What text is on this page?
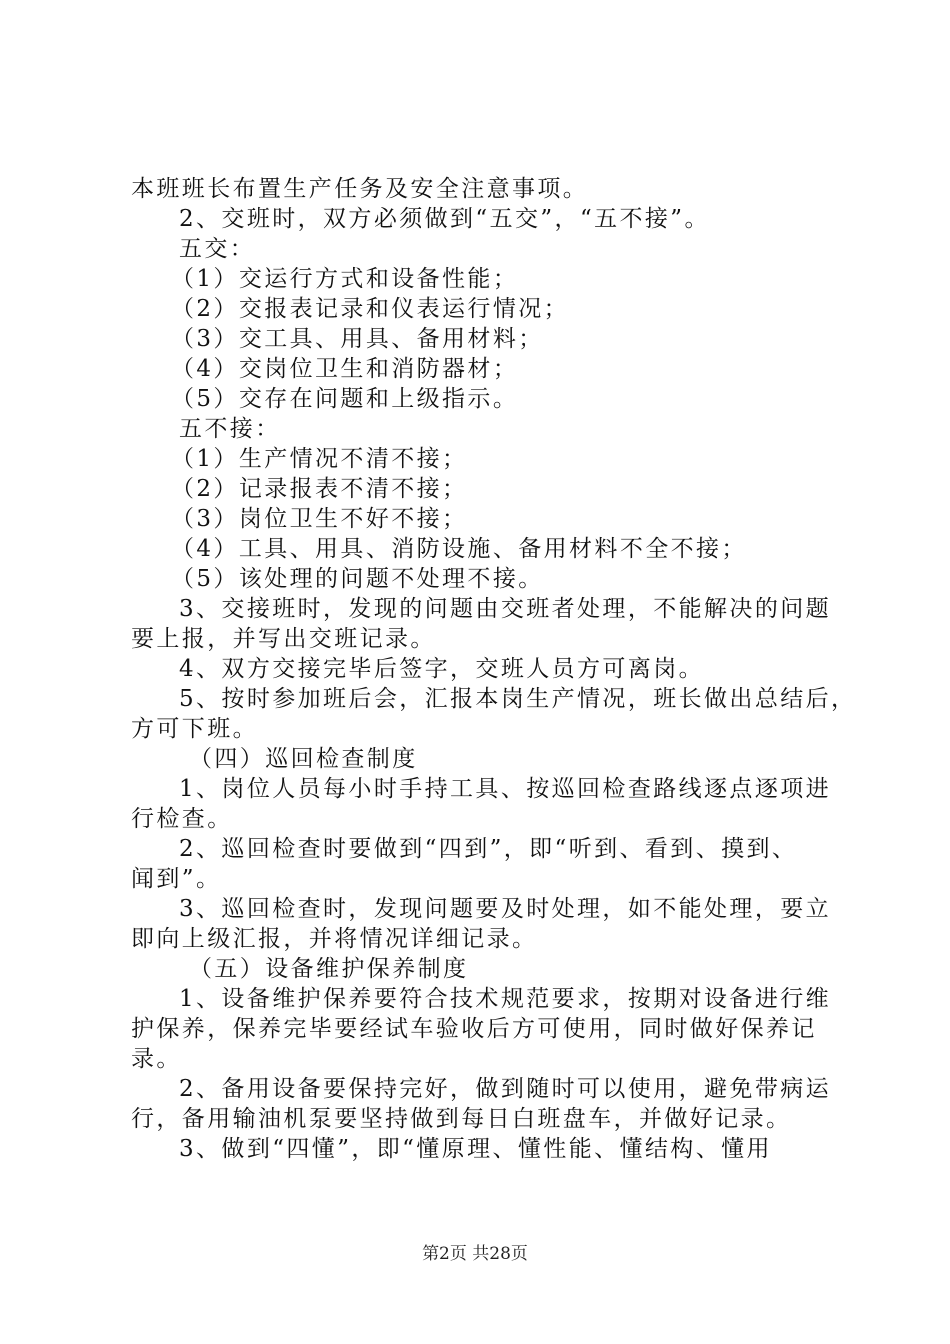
本班班长布置生产任务及安全注意事项。
2、交班时，双方必须做到“五交”，“五不接”。
五交：
（1）交运行方式和设备性能；
（2）交报表记录和仪表运行情况；
（3）交工具、用具、备用材料；
（4）交岗位卫生和消防器材；
（5）交存在问题和上级指示。
五不接：
（1）生产情况不清不接；
（2）记录报表不清不接；
（3）岗位卫生不好不接；
（4）工具、用具、消防设施、备用材料不全不接；
（5）该处理的问题不处理不接。
3、交接班时，发现的问题由交班者处理，不能解决的问题
要上报，并写出交班记录。
4、双方交接完毕后签字，交班人员方可离岗。
5、按时参加班后会，汇报本岗生产情况，班长做出总结后，
方可下班。
（四）巡回检查制度
1、岗位人员每小时手持工具、按巡回检查路线逐点逐项进
行检查。
2、巡回检查时要做到“四到”，即“听到、看到、摸到、
闻到”。
3、巡回检查时，发现问题要及时处理，如不能处理，要立
即向上级汇报，并将情况详细记录。
（五）设备维护保养制度
1、设备维护保养要符合技术规范要求，按期对设备进行维
护保养，保养完毕要经试车验收后方可使用，同时做好保养记
录。
2、备用设备要保持完好，做到随时可以使用，避免带病运
行，备用输油机泵要坚持做到每日白班盘车，并做好记录。
3、做到“四懂”，即“懂原理、懂性能、懂结构、懂用
第2页 共28页
